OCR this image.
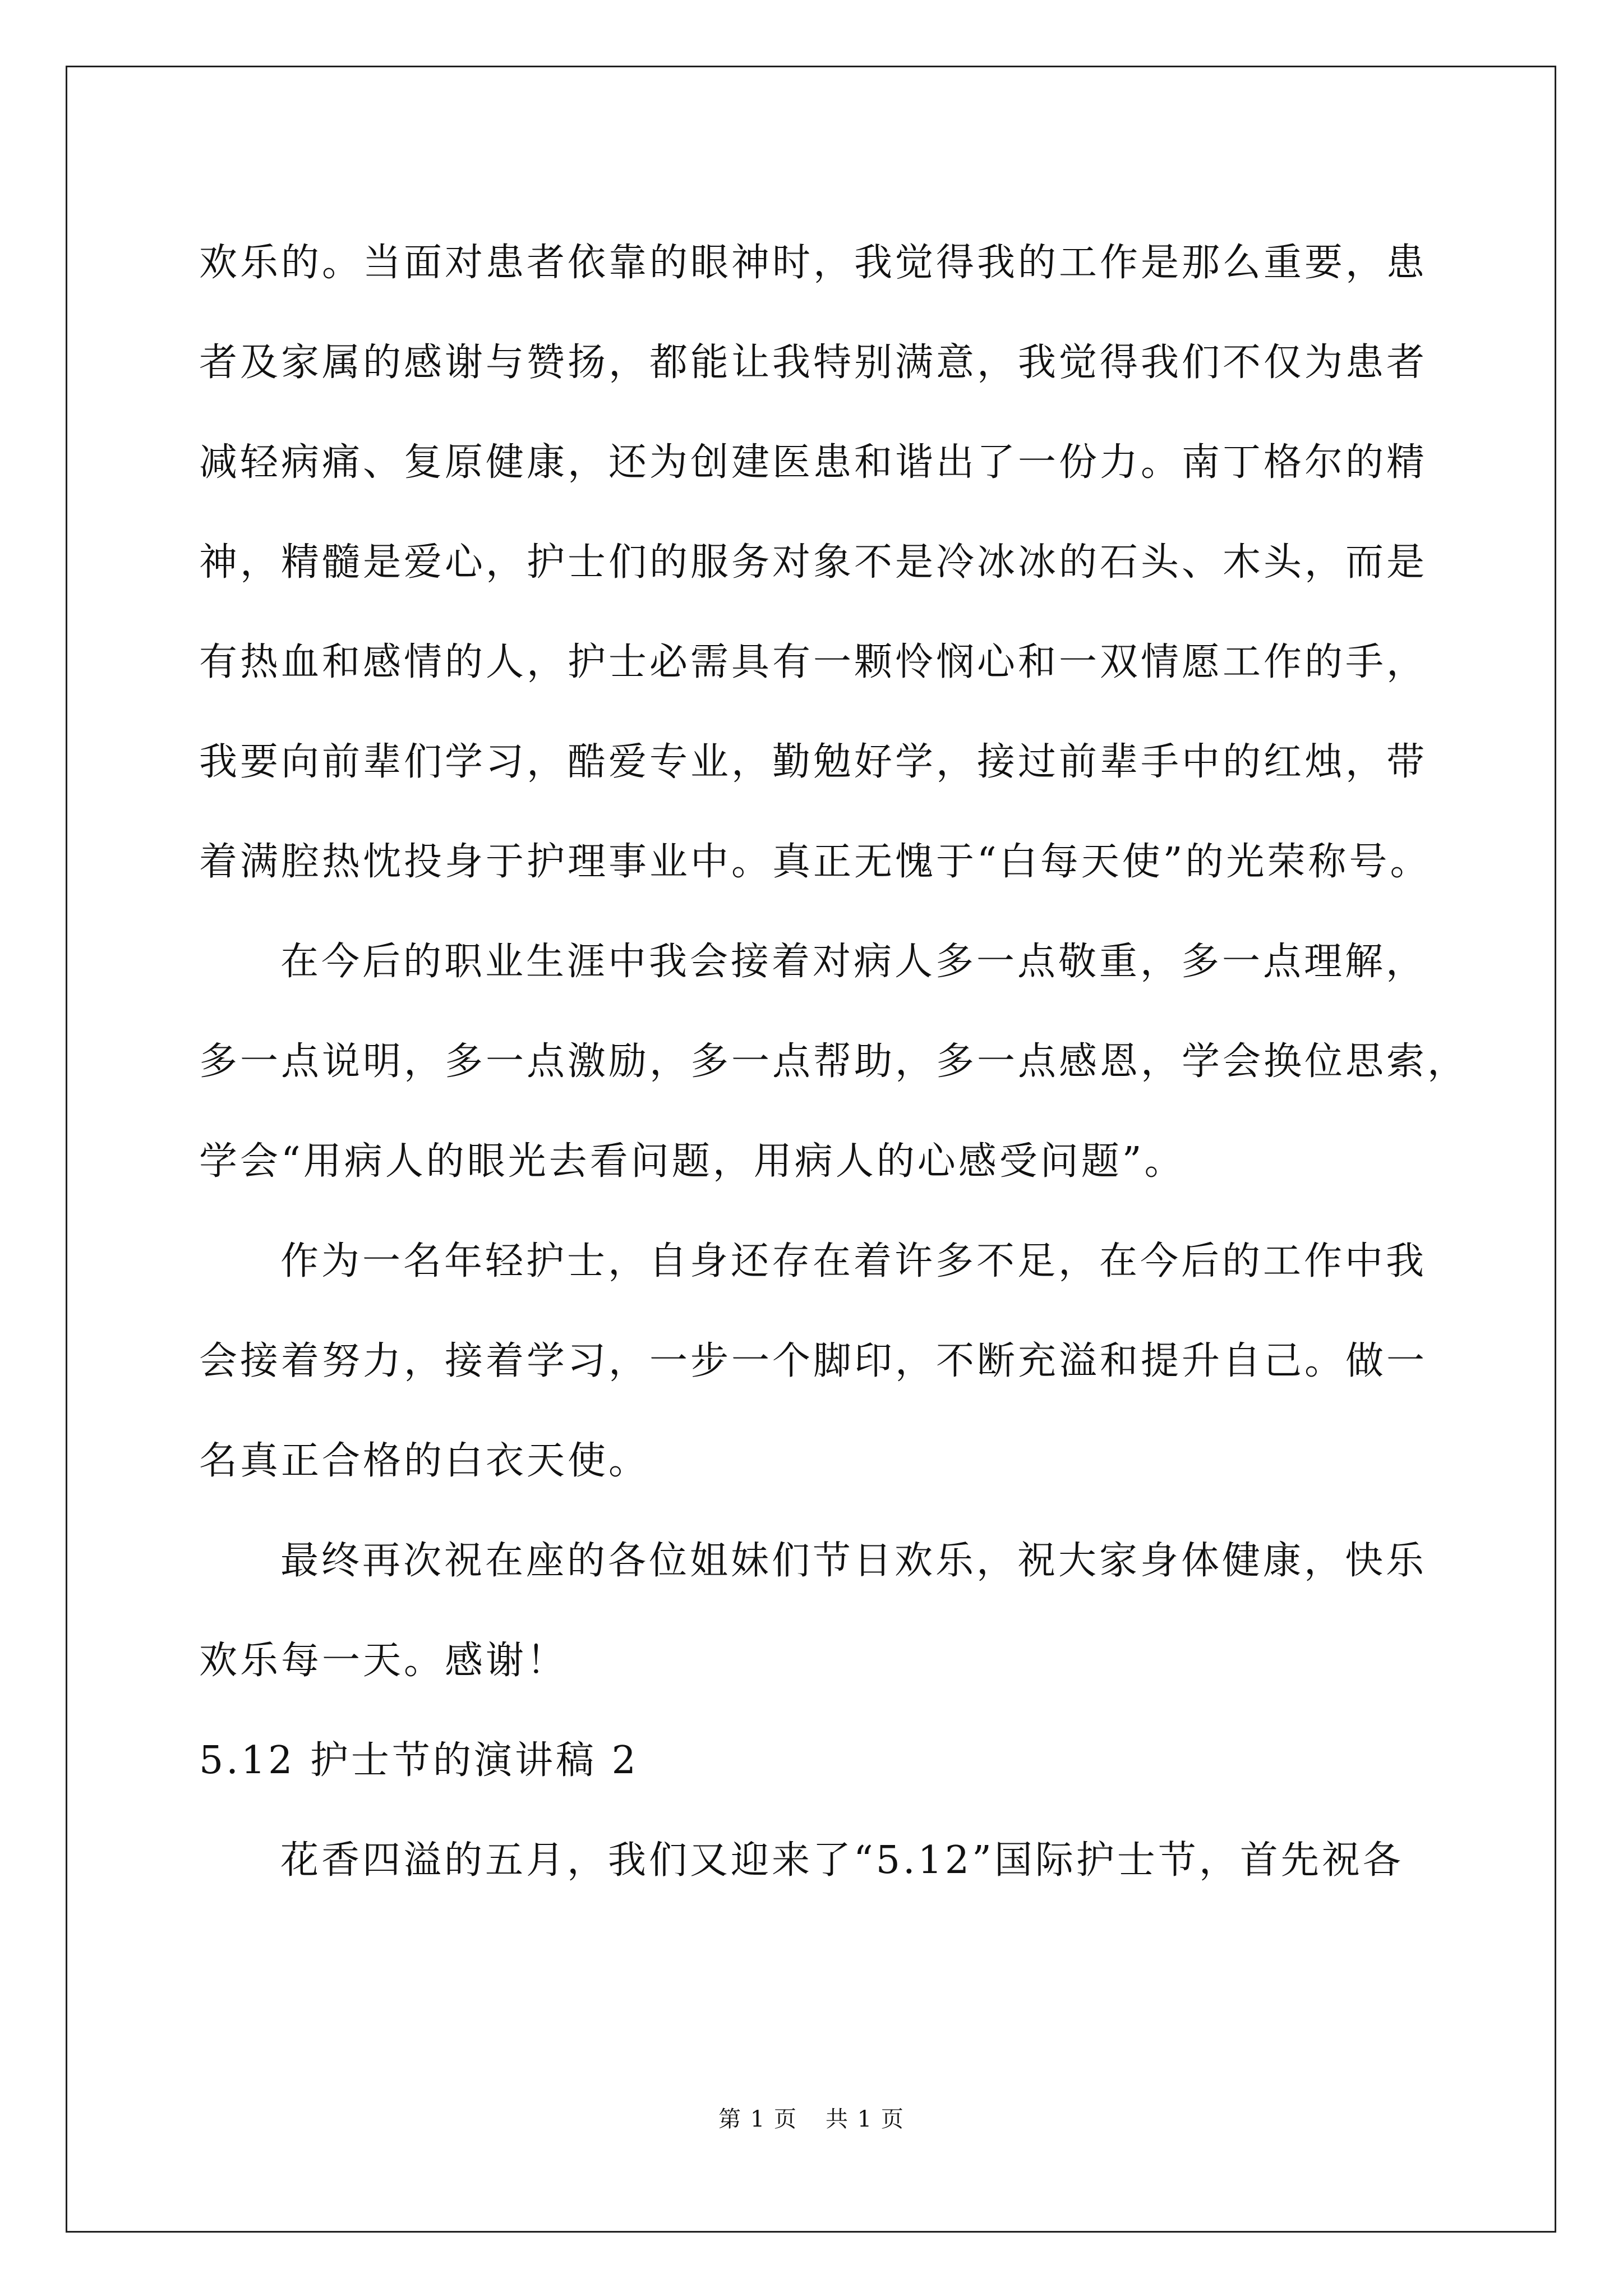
欢乐的。当面对患者依靠的眼神时，我觉得我的工作是那么重要，患
者及家属的感谢与赞扬，都能让我特别满意，我觉得我们不仅为患者
减轻病痛、复原健康，还为创建医患和谐出了一份力。南丁格尔的精
神，精髓是爱心，护士们的服务对象不是冷冰冰的石头、木头，而是
有热血和感情的人，护士必需具有一颗怜悯心和一双情愿工作的手，
我要向前辈们学习，酷爱专业，勤勉好学，接过前辈手中的红烛，带
着满腔热忱投身于护理事业中。真正无愧于“白每天使”的光荣称号。
在今后的职业生涯中我会接着对病人多一点敬重，多一点理解，
多一点说明，多一点激励，多一点帮助，多一点感恩，学会换位思索，
学会“用病人的眼光去看问题，用病人的心感受问题”。
作为一名年轻护士，自身还存在着许多不足，在今后的工作中我
会接着努力，接着学习，一步一个脚印，不断充溢和提升自己。做一
名真正合格的白衣天使。
最终再次祝在座的各位姐妹们节日欢乐，祝大家身体健康，快乐
欢乐每一天。感谢！
5.12 护士节的演讲稿 2
花香四溢的五月，我们又迎来了“5.12”国际护士节，首先祝各
第 1 页 共 1 页
